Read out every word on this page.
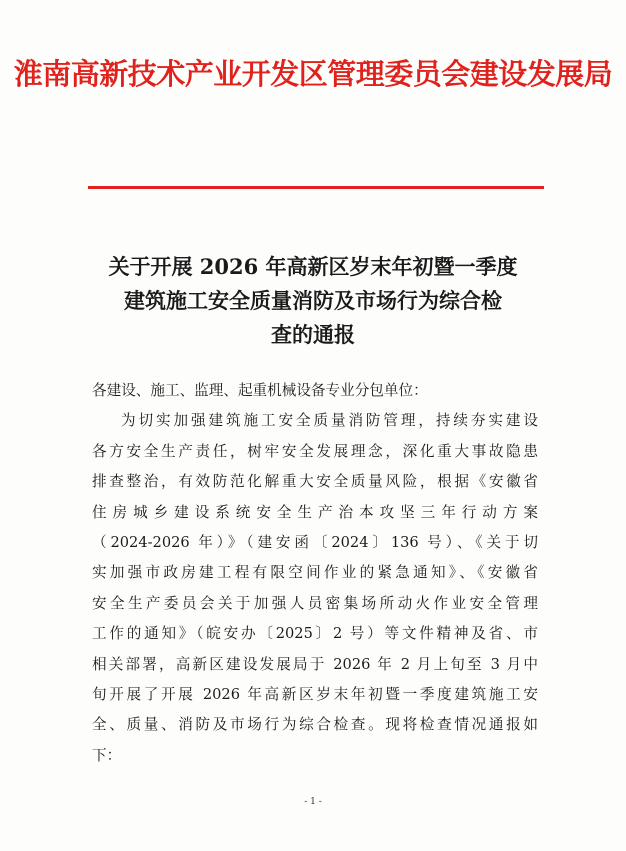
淮南高新技术产业开发区管理委员会建设发展局
关于开展 2026 年高新区岁末年初暨一季度
建筑施工安全质量消防及市场行为综合检
查的通报
各建设、施工、监理、起重机械设备专业分包单位：
为切实加强建筑施工安全质量消防管理，持续夯实建设
各方安全生产责任，树牢安全发展理念，深化重大事故隐患
排查整治，有效防范化解重大安全质量风险，根据《安徽省
住房城乡建设系统安全生产治本攻坚三年行动方案
（2024-2026 年）》（建安函〔2024〕136 号）、《关于切
实加强市政房建工程有限空间作业的紧急通知》、《安徽省
安全生产委员会关于加强人员密集场所动火作业安全管理
工作的通知》（皖安办〔2025〕2 号）等文件精神及省、市
相关部署，高新区建设发展局于 2026 年 2 月上旬至 3 月中
旬开展了开展 2026 年高新区岁末年初暨一季度建筑施工安
全、质量、消防及市场行为综合检查。现将检查情况通报如
下：
- 1 -
